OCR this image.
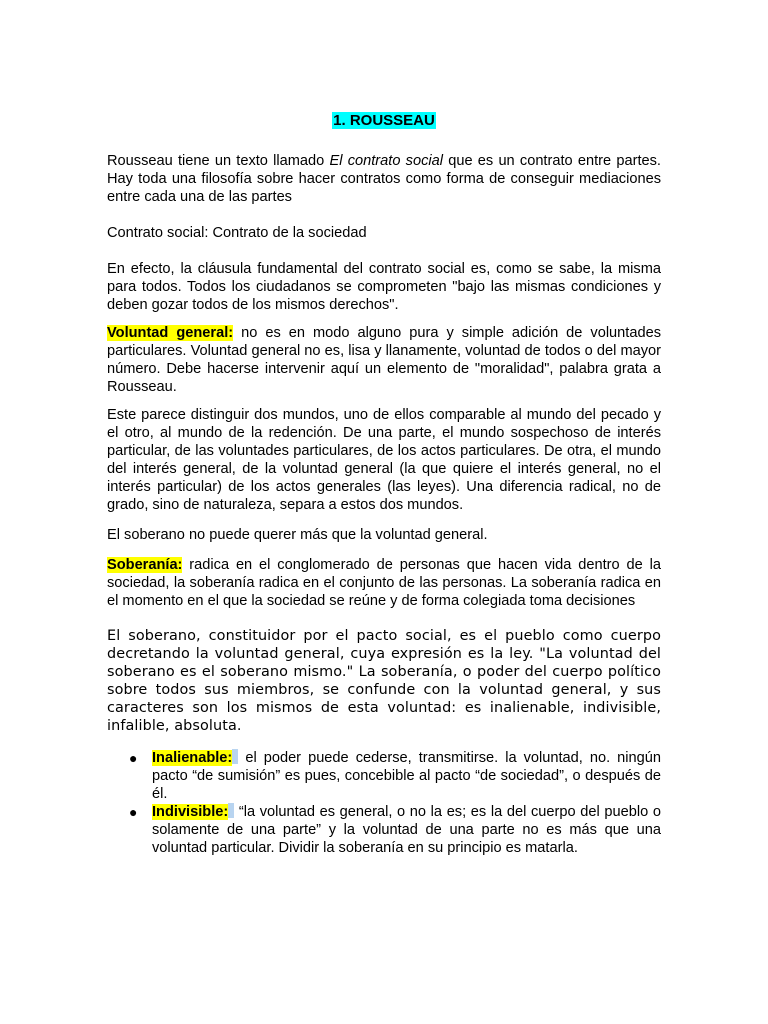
1. ROUSSEAU

Rousseau tiene un texto llamado El contrato social que es un contrato entre partes. Hay toda una filosofía sobre hacer contratos como forma de conseguir mediaciones entre cada una de las partes

Contrato social: Contrato de la sociedad

En efecto, la cláusula fundamental del contrato social es, como se sabe, la misma para todos. Todos los ciudadanos se comprometen "bajo las mismas condiciones y deben gozar todos de los mismos derechos".

Voluntad general: no es en modo alguno pura y simple adición de voluntades particulares. Voluntad general no es, lisa y llanamente, voluntad de todos o del mayor número. Debe hacerse intervenir aquí un elemento de "moralidad", palabra grata a Rousseau.

Este parece distinguir dos mundos, uno de ellos comparable al mundo del pecado y el otro, al mundo de la redención. De una parte, el mundo sospechoso de interés particular, de las voluntades particulares, de los actos particulares. De otra, el mundo del interés general, de la voluntad general (la que quiere el interés general, no el interés particular) de los actos generales (las leyes). Una diferencia radical, no de grado, sino de naturaleza, separa a estos dos mundos.

El soberano no puede querer más que la voluntad general.

Soberanía: radica en el conglomerado de personas que hacen vida dentro de la sociedad, la soberanía radica en el conjunto de las personas. La soberanía radica en el momento en el que la sociedad se reúne y de forma colegiada toma decisiones

El soberano, constituidor por el pacto social, es el pueblo como cuerpo decretando la voluntad general, cuya expresión es la ley. "La voluntad del soberano es el soberano mismo." La soberanía, o poder del cuerpo político sobre todos sus miembros, se confunde con la voluntad general, y sus caracteres son los mismos de esta voluntad: es inalienable, indivisible, infalible, absoluta.

● Inalienable: el poder puede cederse, transmitirse. la voluntad, no. ningún pacto “de sumisión” es pues, concebible al pacto “de sociedad”, o después de él.

● Indivisible: “la voluntad es general, o no la es; es la del cuerpo del pueblo o solamente de una parte” y la voluntad de una parte no es más que una voluntad particular. Dividir la soberanía en su principio es matarla.
